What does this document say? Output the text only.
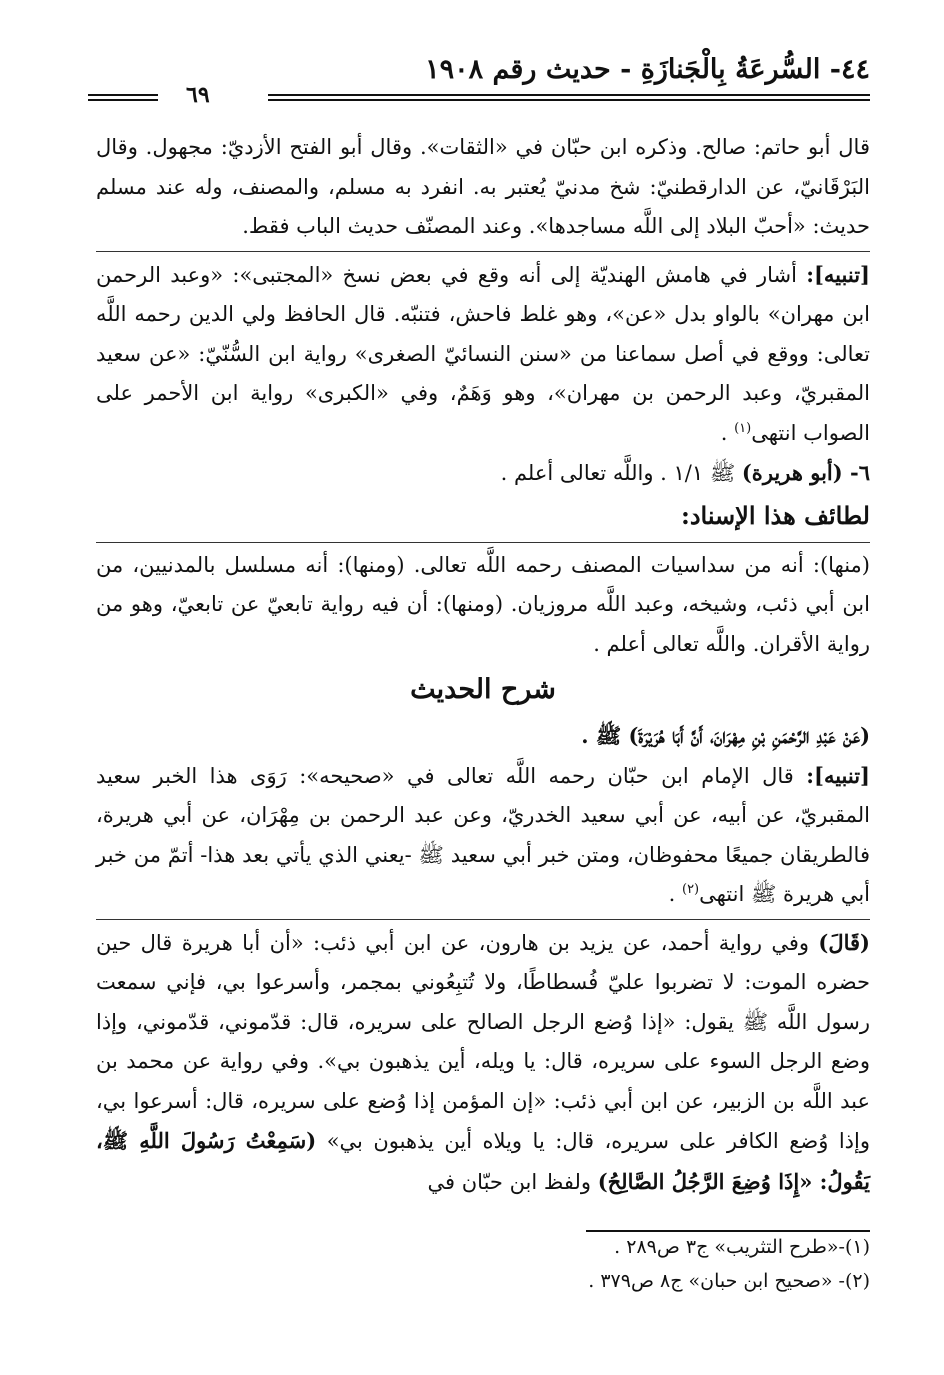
٤٤- السُّرعَةُ بِالْجَنازَةِ - حديث رقم ١٩٠٨
٦٩

قال أبو حاتم: صالح. وذكره ابن حبّان في «الثقات». وقال أبو الفتح الأزديّ: مجهول. وقال البَرْقَانيّ، عن الدارقطنيّ: شخ مدنيّ يُعتبر به. انفرد به مسلم، والمصنف، وله عند مسلم حديث: «أحبّ البلاد إلى اللَّه مساجدها». وعند المصنّف حديث الباب فقط.

[تنبيه]: أشار في هامش الهنديّة إلى أنه وقع في بعض نسخ «المجتبى»: «وعبد الرحمن ابن مهران» بالواو بدل «عن»، وهو غلط فاحش، فتنبّه. قال الحافظ ولي الدين رحمه اللَّه تعالى: ووقع في أصل سماعنا من «سنن النسائيّ الصغرى» رواية ابن السُّنّيّ: «عن سعيد المقبريّ، وعبد الرحمن بن مهران»، وهو وَهَمٌ، وفي «الكبرى» رواية ابن الأحمر على الصواب انتهى$^{(١)}$ .

٦- (أبو هريرة) ﷺ ١/١ . واللَّه تعالى أعلم .

لطائف هذا الإسناد:

(منها): أنه من سداسيات المصنف رحمه اللَّه تعالى. (ومنها): أنه مسلسل بالمدنيين، من ابن أبي ذئب، وشيخه، وعبد اللَّه مروزيان. (ومنها): أن فيه رواية تابعيّ عن تابعيّ، وهو من رواية الأقران. واللَّه تعالى أعلم .

شرح الحديث

(عَنْ عَبْدِ الرَّحْمَنِ بْنِ مِهْرَانَ، أَنَّ أَبَا هُرَيْرَةَ) ﷺ .

[تنبيه]: قال الإمام ابن حبّان رحمه اللَّه تعالى في «صحيحه»: رَوَى هذا الخبر سعيد المقبريّ، عن أبيه، عن أبي سعيد الخدريّ، وعن عبد الرحمن بن مِهْرَان، عن أبي هريرة، فالطريقان جميعًا محفوظان، ومتن خبر أبي سعيد ﷺ -يعني الذي يأتي بعد هذا- أتمّ من خبر أبي هريرة ﷺ انتهى$^{(٢)}$ .

(قَالَ) وفي رواية أحمد، عن يزيد بن هارون، عن ابن أبي ذئب: «أن أبا هريرة قال حين حضره الموت: لا تضربوا عليّ فُسطاطًا، ولا تُتبِعُوني بمجمر، وأسرعوا بي، فإني سمعت رسول اللَّه ﷺ يقول: «إذا وُضع الرجل الصالح على سريره، قال: قدّموني، قدّموني، وإذا وضع الرجل السوء على سريره، قال: يا ويله، أين يذهبون بي». وفي رواية عن محمد بن عبد اللَّه بن الزبير، عن ابن أبي ذئب: «إن المؤمن إذا وُضع على سريره، قال: أسرعوا بي، وإذا وُضع الكافر على سريره، قال: يا ويلاه أين يذهبون بي» (سَمِعْتُ رَسُولَ اللَّهِ ﷺ، يَقُولُ: «إِذَا وُضِعَ الرَّجُلُ الصَّالِحُ) ولفظ ابن حبّان في

(١)-«طرح التثريب» ج٣ ص٢٨٩ .

(٢)- «صحيح ابن حبان» ج٨ ص٣٧٩ .
